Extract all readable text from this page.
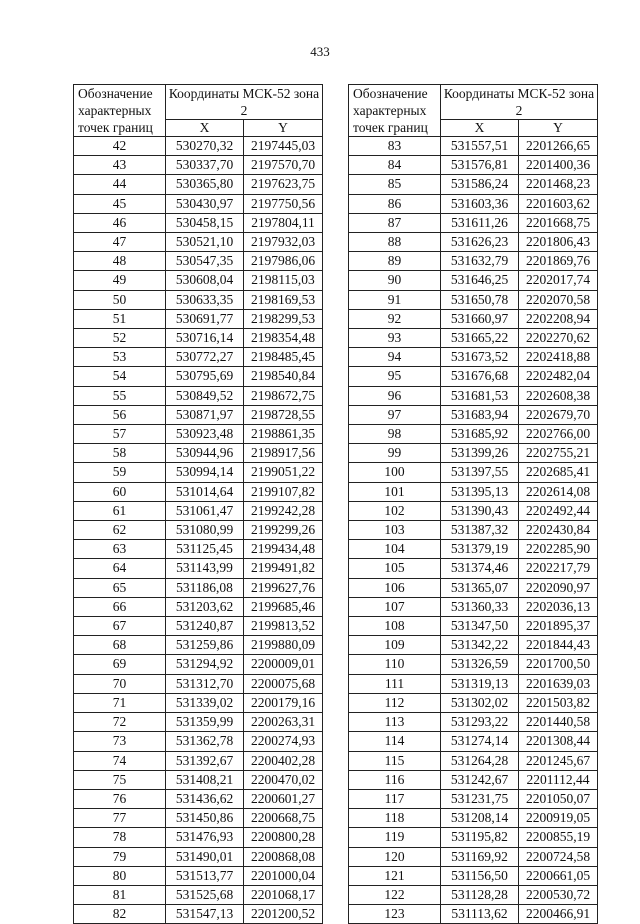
433
Обозначение характерных точек границ	Координаты МСК-52 зона 2	
	X	Y
42	530270,32	2197445,03
43	530337,70	2197570,70
44	530365,80	2197623,75
45	530430,97	2197750,56
46	530458,15	2197804,11
47	530521,10	2197932,03
48	530547,35	2197986,06
49	530608,04	2198115,03
50	530633,35	2198169,53
51	530691,77	2198299,53
52	530716,14	2198354,48
53	530772,27	2198485,45
54	530795,69	2198540,84
55	530849,52	2198672,75
56	530871,97	2198728,55
57	530923,48	2198861,35
58	530944,96	2198917,56
59	530994,14	2199051,22
60	531014,64	2199107,82
61	531061,47	2199242,28
62	531080,99	2199299,26
63	531125,45	2199434,48
64	531143,99	2199491,82
65	531186,08	2199627,76
66	531203,62	2199685,46
67	531240,87	2199813,52
68	531259,86	2199880,09
69	531294,92	2200009,01
70	531312,70	2200075,68
71	531339,02	2200179,16
72	531359,99	2200263,31
73	531362,78	2200274,93
74	531392,67	2200402,28
75	531408,21	2200470,02
76	531436,62	2200601,27
77	531450,86	2200668,75
78	531476,93	2200800,28
79	531490,01	2200868,08
80	531513,77	2201000,04
81	531525,68	2201068,17
82	531547,13	2201200,52
Обозначение характерных точек границ	Координаты МСК-52 зона 2	
	X	Y
83	531557,51	2201266,65
84	531576,81	2201400,36
85	531586,24	2201468,23
86	531603,36	2201603,62
87	531611,26	2201668,75
88	531626,23	2201806,43
89	531632,79	2201869,76
90	531646,25	2202017,74
91	531650,78	2202070,58
92	531660,97	2202208,94
93	531665,22	2202270,62
94	531673,52	2202418,88
95	531676,68	2202482,04
96	531681,53	2202608,38
97	531683,94	2202679,70
98	531685,92	2202766,00
99	531399,26	2202755,21
100	531397,55	2202685,41
101	531395,13	2202614,08
102	531390,43	2202492,44
103	531387,32	2202430,84
104	531379,19	2202285,90
105	531374,46	2202217,79
106	531365,07	2202090,97
107	531360,33	2202036,13
108	531347,50	2201895,37
109	531342,22	2201844,43
110	531326,59	2201700,50
111	531319,13	2201639,03
112	531302,02	2201503,82
113	531293,22	2201440,58
114	531274,14	2201308,44
115	531264,28	2201245,67
116	531242,67	2201112,44
117	531231,75	2201050,07
118	531208,14	2200919,05
119	531195,82	2200855,19
120	531169,92	2200724,58
121	531156,50	2200661,05
122	531128,28	2200530,72
123	531113,62	2200466,91
